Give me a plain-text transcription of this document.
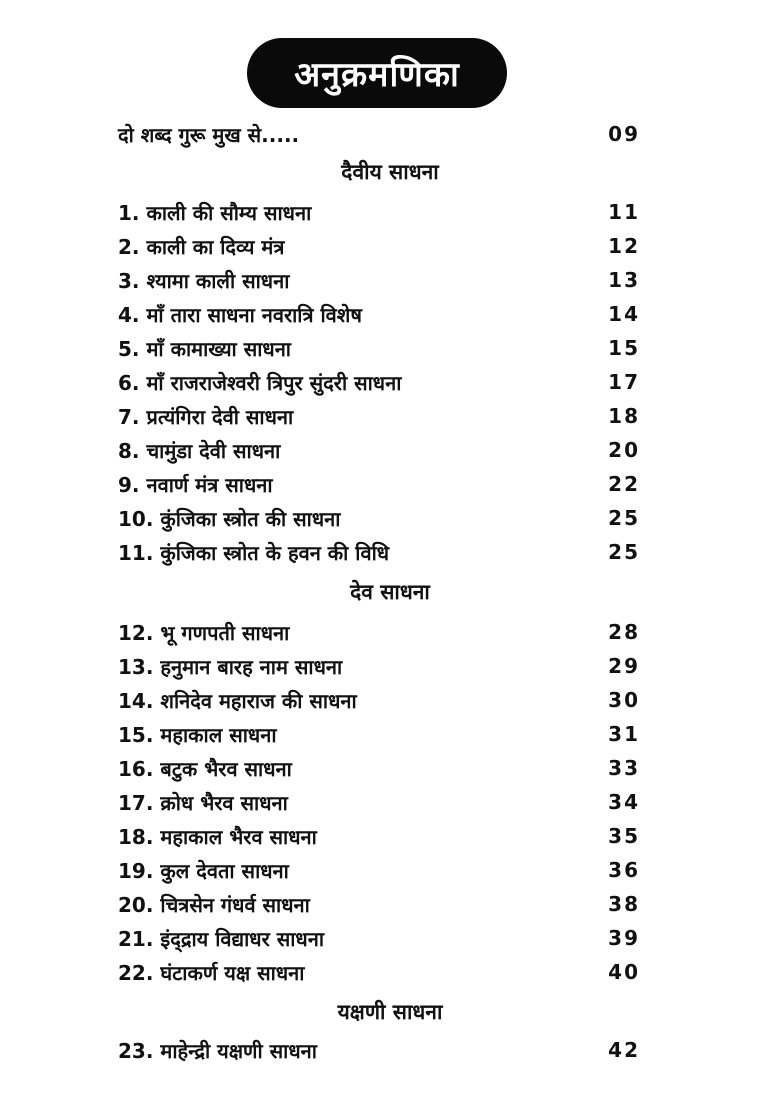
अनुक्रमणिका
दो शब्द गुरू मुख से.....	09
दैवीय साधना
1. काली की सौम्य साधना	11
2. काली का दिव्य मंत्र	12
3. श्यामा काली साधना	13
4. माँ तारा साधना नवरात्रि विशेष	14
5. माँ कामाख्या साधना	15
6. माँ राजराजेश्वरी त्रिपुर सुंदरी साधना	17
7. प्रत्यंगिरा देवी साधना	18
8. चामुंडा देवी साधना	20
9. नवार्ण मंत्र साधना	22
10. कुंजिका स्त्रोत की साधना	25
11. कुंजिका स्त्रोत के हवन की विधि	25
देव साधना
12. भू गणपती साधना	28
13. हनुमान बारह नाम साधना	29
14. शनिदेव महाराज की साधना	30
15. महाकाल साधना	31
16. बटुक भैरव साधना	33
17. क्रोध भैरव साधना	34
18. महाकाल भैरव साधना	35
19. कुल देवता साधना	36
20. चित्रसेन गंधर्व साधना	38
21. इंद्द्राय विद्याधर साधना	39
22. घंटाकर्ण यक्ष साधना	40
यक्षणी साधना
23. माहेन्द्री यक्षणी साधना	42
